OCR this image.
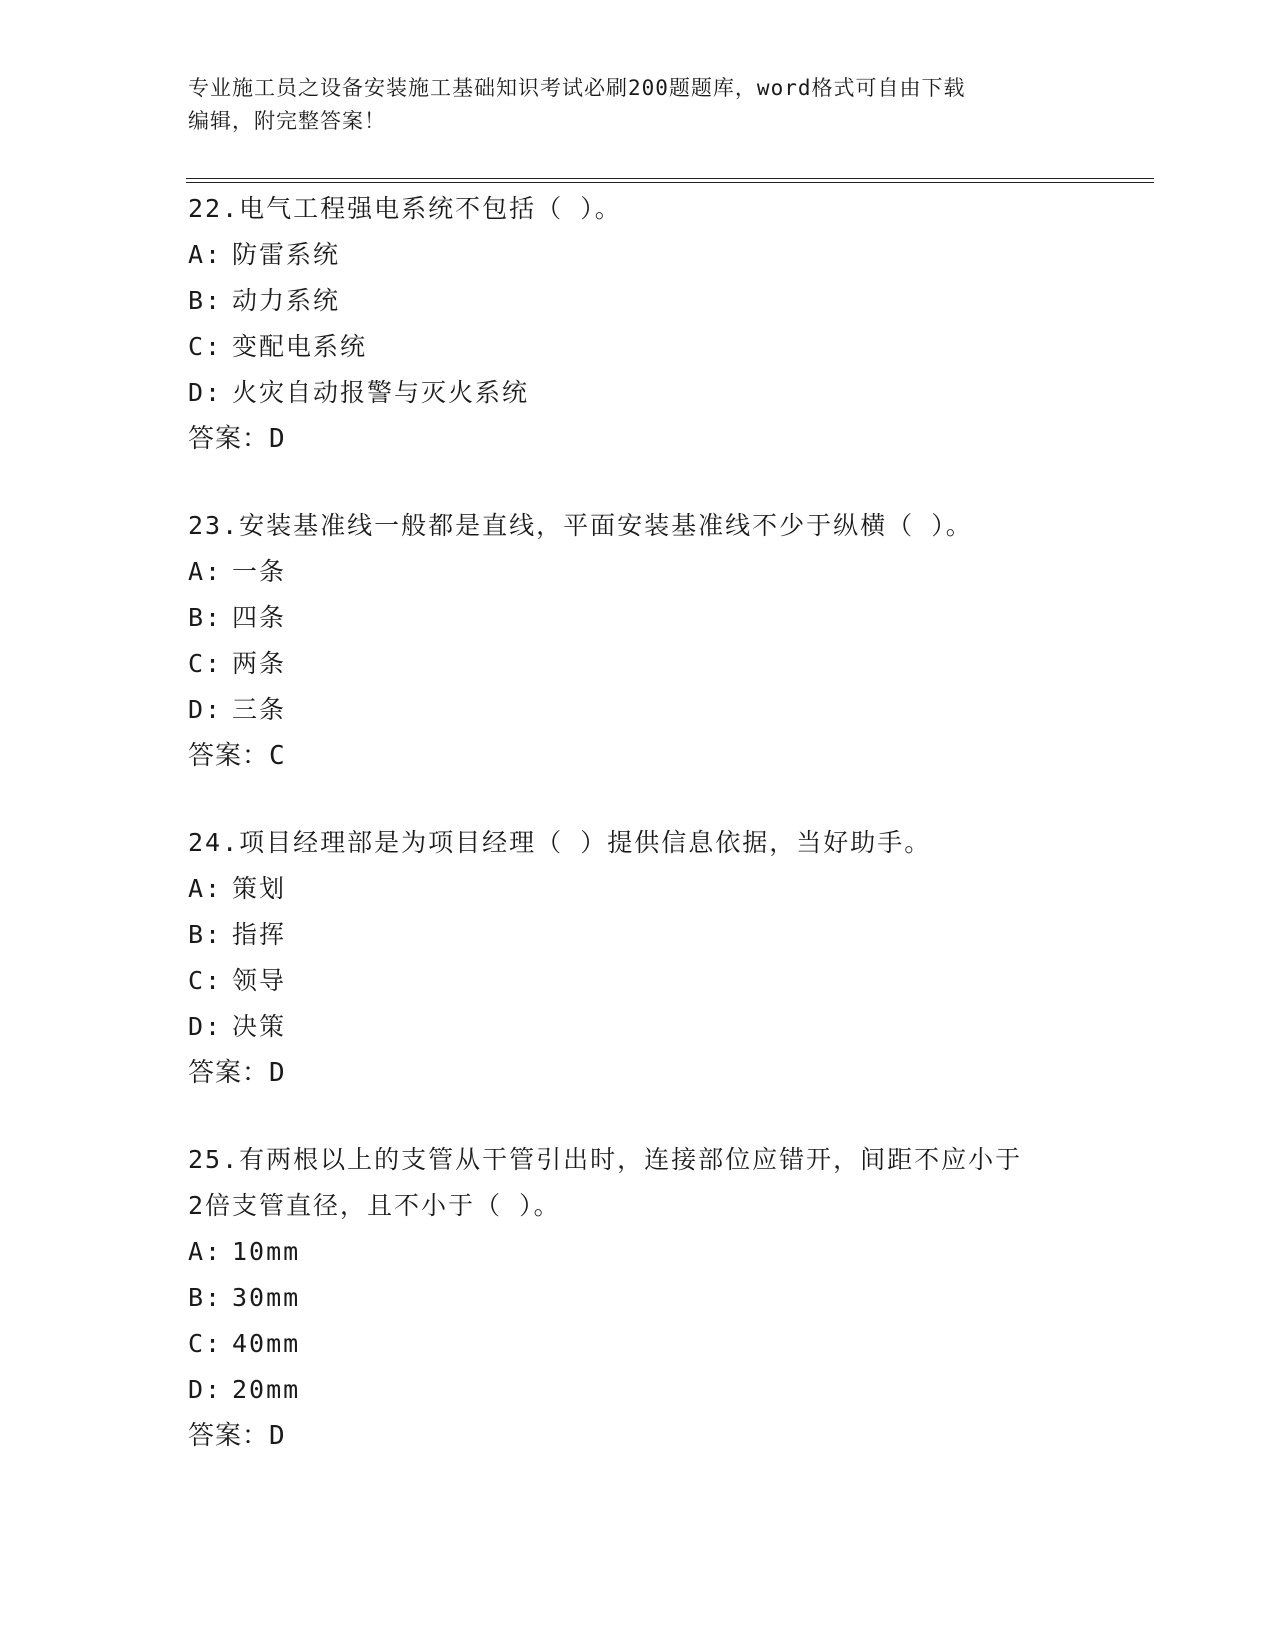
专业施工员之设备安装施工基础知识考试必刷200题题库，word格式可自由下载
编辑，附完整答案！
22.电气工程强电系统不包括（ ）。
A: 防雷系统
B: 动力系统
C: 变配电系统
D: 火灾自动报警与灭火系统
答案：D
23.安装基准线一般都是直线，平面安装基准线不少于纵横（ ）。
A: 一条
B: 四条
C: 两条
D: 三条
答案：C
24.项目经理部是为项目经理（ ）提供信息依据，当好助手。
A: 策划
B: 指挥
C: 领导
D: 决策
答案：D
25.有两根以上的支管从干管引出时，连接部位应错开，间距不应小于
2倍支管直径，且不小于（ ）。
A: 10mm
B: 30mm
C: 40mm
D: 20mm
答案：D
